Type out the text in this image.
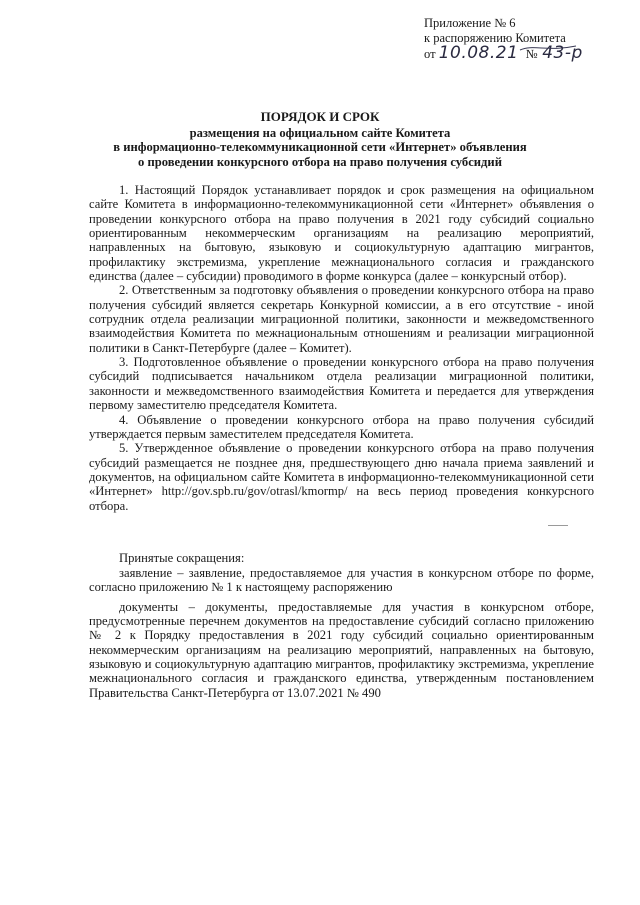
Приложение № 6
к распоряжению Комитета
от 10.08.21 № 43-р
ПОРЯДОК И СРОК
размещения на официальном сайте Комитета
в информационно-телекоммуникационной сети «Интернет» объявления
о проведении конкурсного отбора на право получения субсидий

1. Настоящий Порядок устанавливает порядок и срок размещения на официальном сайте Комитета в информационно-телекоммуникационной сети «Интернет» объявления о проведении конкурсного отбора на право получения в 2021 году субсидий социально ориентированным некоммерческим организациям на реализацию мероприятий, направленных на бытовую, языковую и социокультурную адаптацию мигрантов, профилактику экстремизма, укрепление межнационального согласия и гражданского единства (далее – субсидии) проводимого в форме конкурса (далее – конкурсный отбор).

2. Ответственным за подготовку объявления о проведении конкурсного отбора на право получения субсидий является секретарь Конкурной комиссии, а в его отсутствие - иной сотрудник отдела реализации миграционной политики, законности и межведомственного взаимодействия Комитета по межнациональным отношениям и реализации миграционной политики в Санкт-Петербурге (далее – Комитет).

3. Подготовленное объявление о проведении конкурсного отбора на право получения субсидий подписывается начальником отдела реализации миграционной политики, законности и межведомственного взаимодействия Комитета и передается для утверждения первому заместителю председателя Комитета.

4. Объявление о проведении конкурсного отбора на право получения субсидий утверждается первым заместителем председателя Комитета.

5. Утвержденное объявление о проведении конкурсного отбора на право получения субсидий размещается не позднее дня, предшествующего дню начала приема заявлений и документов, на официальном сайте Комитета в информационно-телекоммуникационной сети «Интернет» http://gov.spb.ru/gov/otrasl/kmormp/ на весь период проведения конкурсного отбора.

Принятые сокращения:

заявление – заявление, предоставляемое для участия в конкурсном отборе по форме, согласно приложению № 1 к настоящему распоряжению

документы – документы, предоставляемые для участия в конкурсном отборе, предусмотренные перечнем документов на предоставление субсидий согласно приложению № 2 к Порядку предоставления в 2021 году субсидий социально ориентированным некоммерческим организациям на реализацию мероприятий, направленных на бытовую, языковую и социокультурную адаптацию мигрантов, профилактику экстремизма, укрепление межнационального согласия и гражданского единства, утвержденным постановлением Правительства Санкт-Петербурга от 13.07.2021 № 490
